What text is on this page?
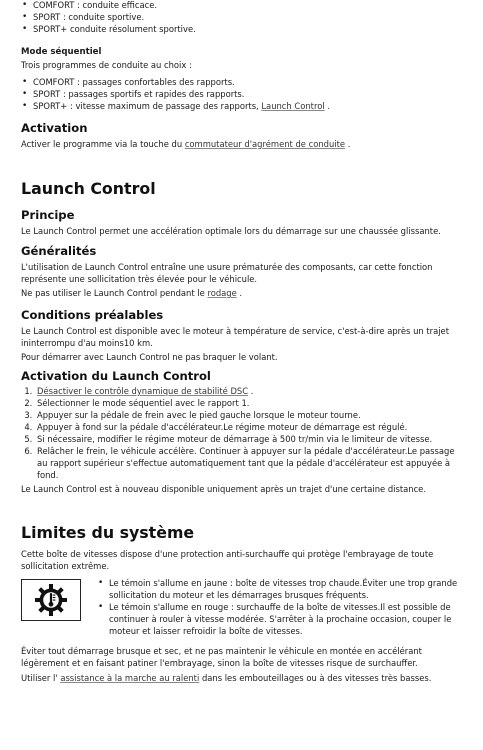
• COMFORT : conduite efficace.
• SPORT : conduite sportive.
• SPORT+ conduite résolument sportive.
Mode séquentiel

Trois programmes de conduite au choix :

• COMFORT : passages confortables des rapports.
• SPORT : passages sportifs et rapides des rapports.
• SPORT+ : vitesse maximum de passage des rapports, Launch Control .
Activation

Activer le programme via la touche du commutateur d'agrément de conduite .

Launch Control
Principe

Le Launch Control permet une accélération optimale lors du démarrage sur une chaussée glissante.

Généralités

L'utilisation de Launch Control entraîne une usure prématurée des composants, car cette fonction représente une sollicitation très élevée pour le véhicule.

Ne pas utiliser le Launch Control pendant le rodage .

Conditions préalables

Le Launch Control est disponible avec le moteur à température de service, c'est-à-dire après un trajet ininterrompu d'au moins10 km.

Pour démarrer avec Launch Control ne pas braquer le volant.

Activation du Launch Control
1. Désactiver le contrôle dynamique de stabilité DSC .
2. Sélectionner le mode séquentiel avec le rapport 1.
3. Appuyer sur la pédale de frein avec le pied gauche lorsque le moteur tourne.
4. Appuyer à fond sur la pédale d'accélérateur.Le régime moteur de démarrage est régulé.
5. Si nécessaire, modifier le régime moteur de démarrage à 500 tr/min via le limiteur de vitesse.
6. Relâcher le frein, le véhicule accélère. Continuer à appuyer sur la pédale d'accélérateur.Le passage au rapport supérieur s'effectue automatiquement tant que la pédale d'accélérateur est appuyée à fond.

Le Launch Control est à nouveau disponible uniquement après un trajet d'une certaine distance.

Limites du système

Cette boîte de vitesses dispose d'une protection anti-surchauffe qui protège l'embrayage de toute sollicitation extrême.

• Le témoin s'allume en jaune : boîte de vitesses trop chaude.Éviter une trop grande sollicitation du moteur et les démarrages brusques fréquents.
• Le témoin s'allume en rouge : surchauffe de la boîte de vitesses.Il est possible de continuer à rouler à vitesse modérée. S'arrêter à la prochaine occasion, couper le moteur et laisser refroidir la boîte de vitesses.

Éviter tout démarrage brusque et sec, et ne pas maintenir le véhicule en montée en accélérant légèrement et en faisant patiner l'embrayage, sinon la boîte de vitesses risque de surchauffer.

Utiliser l' assistance à la marche au ralenti dans les embouteillages ou à des vitesses très basses.
